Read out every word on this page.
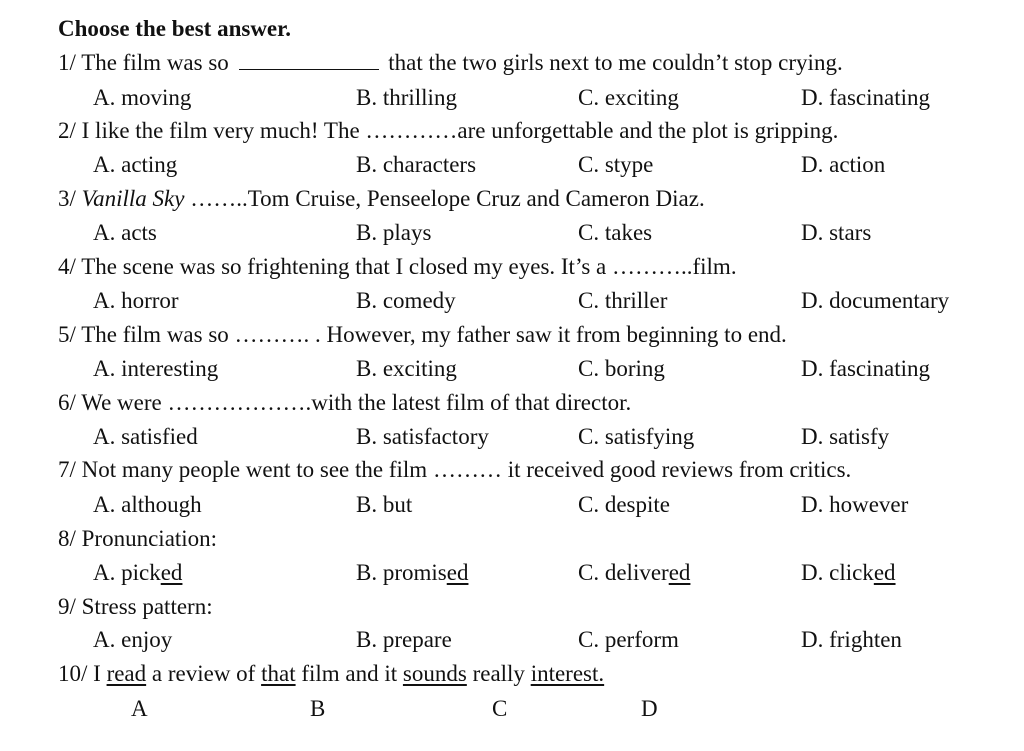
Choose the best answer.
1/ The film was so	that the two girls next to me couldn’t stop crying.
A. moving	B. thrilling	C. exciting	D. fascinating
2/ I like the film very much! The …………are unforgettable and the plot is gripping.
A. acting	B. characters	C. stype	D. action
3/ Vanilla Sky ……..Tom Cruise, Penseelope Cruz and Cameron Diaz.
A. acts	B. plays	C. takes	D. stars
4/ The scene was so frightening that I closed my eyes. It’s a ………..film.
A. horror	B. comedy	C. thriller	D. documentary
5/ The film was so ………. . However, my father saw it from beginning to end.
A. interesting	B. exciting	C. boring	D. fascinating
6/ We were ……………….with the latest film of that director.
A. satisfied	B. satisfactory	C. satisfying	D. satisfy
7/ Not many people went to see the film ……… it received good reviews from critics.
A. although	B. but	C. despite	D. however
8/ Pronunciation:
A. picked	B. promised	C. delivered	D. clicked
9/ Stress pattern:
A. enjoy	B. prepare	C. perform	D. frighten
10/ I read a review of that film and it sounds really interest.
A	B	C	D
